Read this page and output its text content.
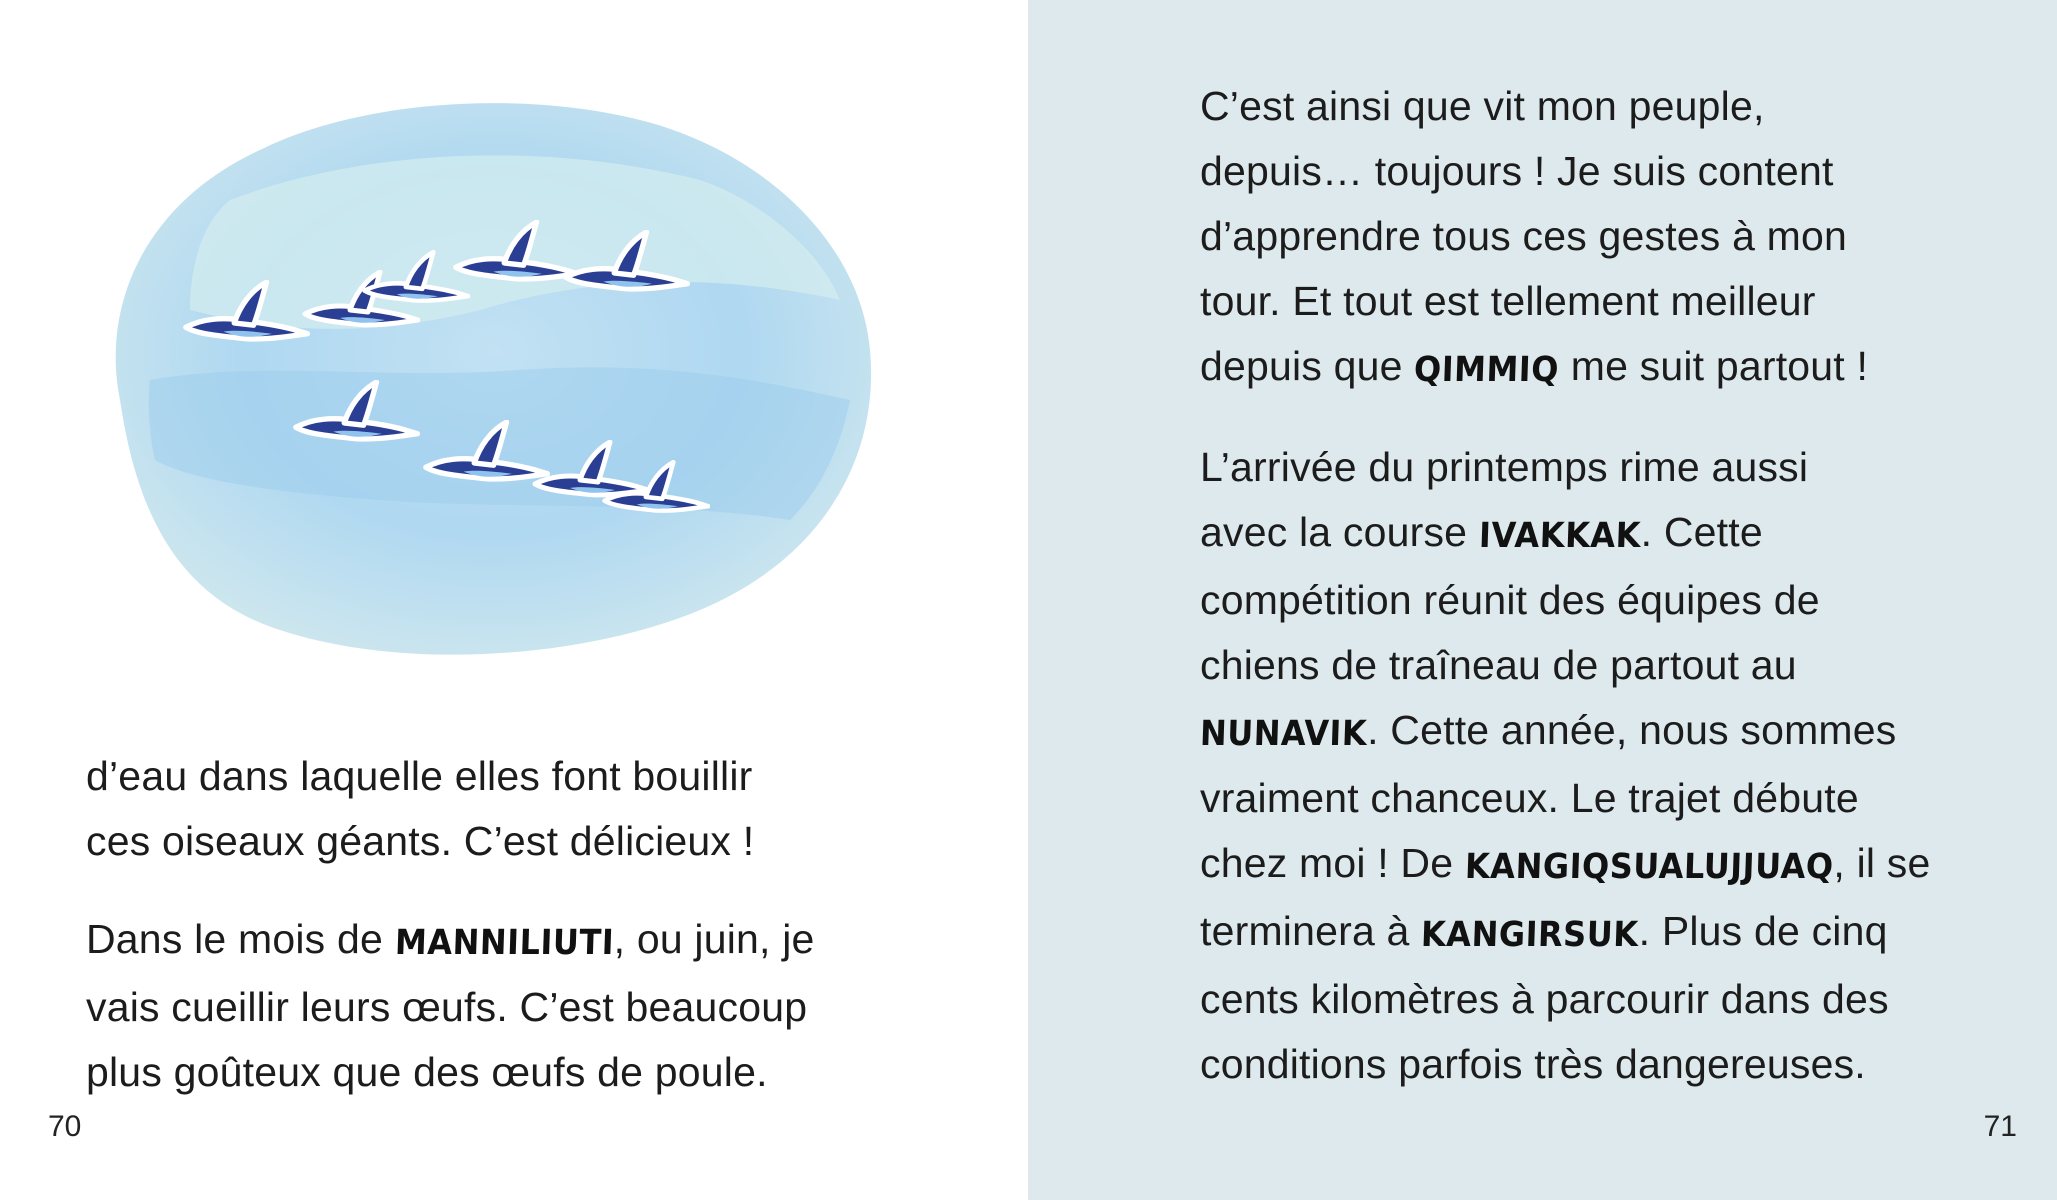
d’eau dans laquelle elles font bouillir
ces oiseaux géants. C’est délicieux !

Dans le mois de MANNILIUTI, ou juin, je
vais cueillir leurs œufs. C’est beaucoup
plus goûteux que des œufs de poule.

70

C’est ainsi que vit mon peuple,
depuis… toujours ! Je suis content
d’apprendre tous ces gestes à mon
tour. Et tout est tellement meilleur
depuis que QIMMIQ me suit partout !

L’arrivée du printemps rime aussi
avec la course IVAKKAK. Cette
compétition réunit des équipes de
chiens de traîneau de partout au
NUNAVIK. Cette année, nous sommes
vraiment chanceux. Le trajet débute
chez moi ! De KANGIQSUALUJJUAQ, il se
terminera à KANGIRSUK. Plus de cinq
cents kilomètres à parcourir dans des
conditions parfois très dangereuses.

71
